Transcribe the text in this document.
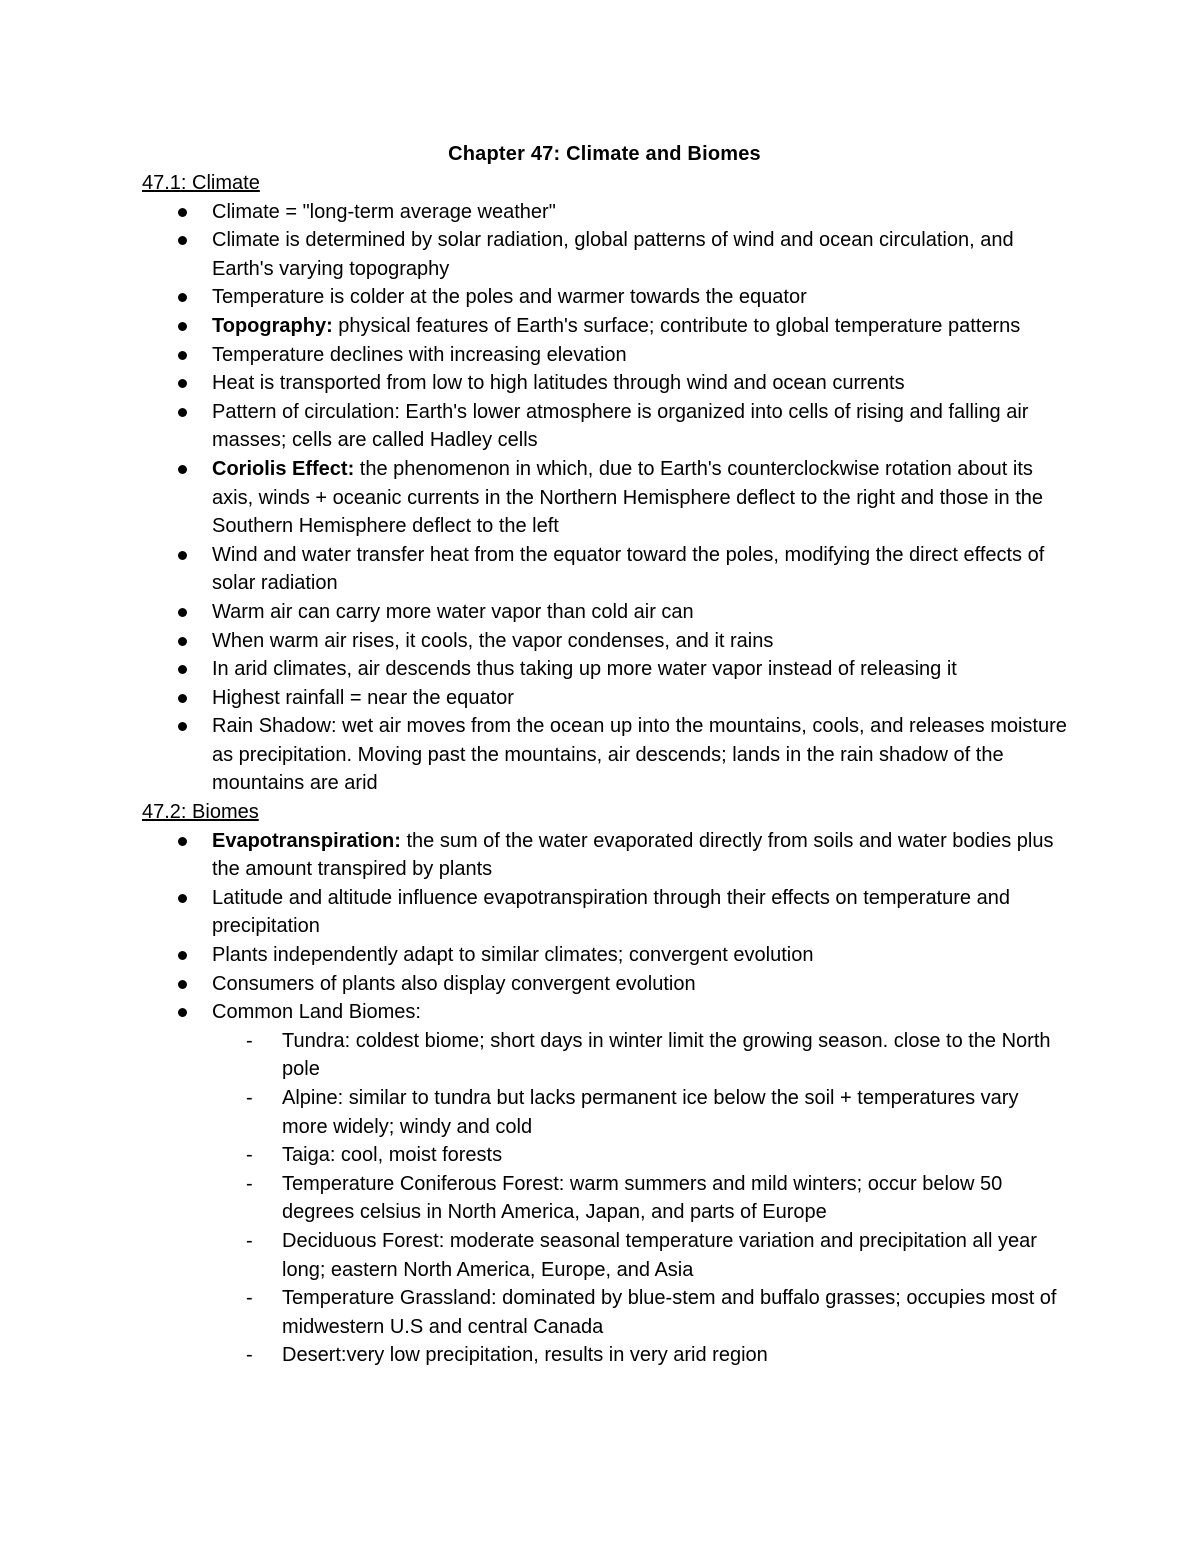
Chapter 47: Climate and Biomes
47.1: Climate
Climate = "long-term average weather"
Climate is determined by solar radiation, global patterns of wind and ocean circulation, and Earth's varying topography
Temperature is colder at the poles and warmer towards the equator
Topography: physical features of Earth's surface; contribute to global temperature patterns
Temperature declines with increasing elevation
Heat is transported from low to high latitudes through wind and ocean currents
Pattern of circulation: Earth's lower atmosphere is organized into cells of rising and falling air masses; cells are called Hadley cells
Coriolis Effect: the phenomenon in which, due to Earth's counterclockwise rotation about its axis, winds + oceanic currents in the Northern Hemisphere deflect to the right and those in the Southern Hemisphere deflect to the left
Wind and water transfer heat from the equator toward the poles, modifying the direct effects of solar radiation
Warm air can carry more water vapor than cold air can
When warm air rises, it cools, the vapor condenses, and it rains
In arid climates, air descends thus taking up more water vapor instead of releasing it
Highest rainfall = near the equator
Rain Shadow: wet air moves from the ocean up into the mountains, cools, and releases moisture as precipitation. Moving past the mountains, air descends; lands in the rain shadow of the mountains are arid
47.2: Biomes
Evapotranspiration: the sum of the water evaporated directly from soils and water bodies plus the amount transpired by plants
Latitude and altitude influence evapotranspiration through their effects on temperature and precipitation
Plants independently adapt to similar climates; convergent evolution
Consumers of plants also display convergent evolution
Common Land Biomes:
- Tundra: coldest biome; short days in winter limit the growing season. close to the North pole
- Alpine: similar to tundra but lacks permanent ice below the soil + temperatures vary more widely; windy and cold
- Taiga: cool, moist forests
- Temperature Coniferous Forest: warm summers and mild winters; occur below 50 degrees celsius in North America, Japan, and parts of Europe
- Deciduous Forest: moderate seasonal temperature variation and precipitation all year long; eastern North America, Europe, and Asia
- Temperature Grassland: dominated by blue-stem and buffalo grasses; occupies most of midwestern U.S and central Canada
- Desert:very low precipitation, results in very arid region
